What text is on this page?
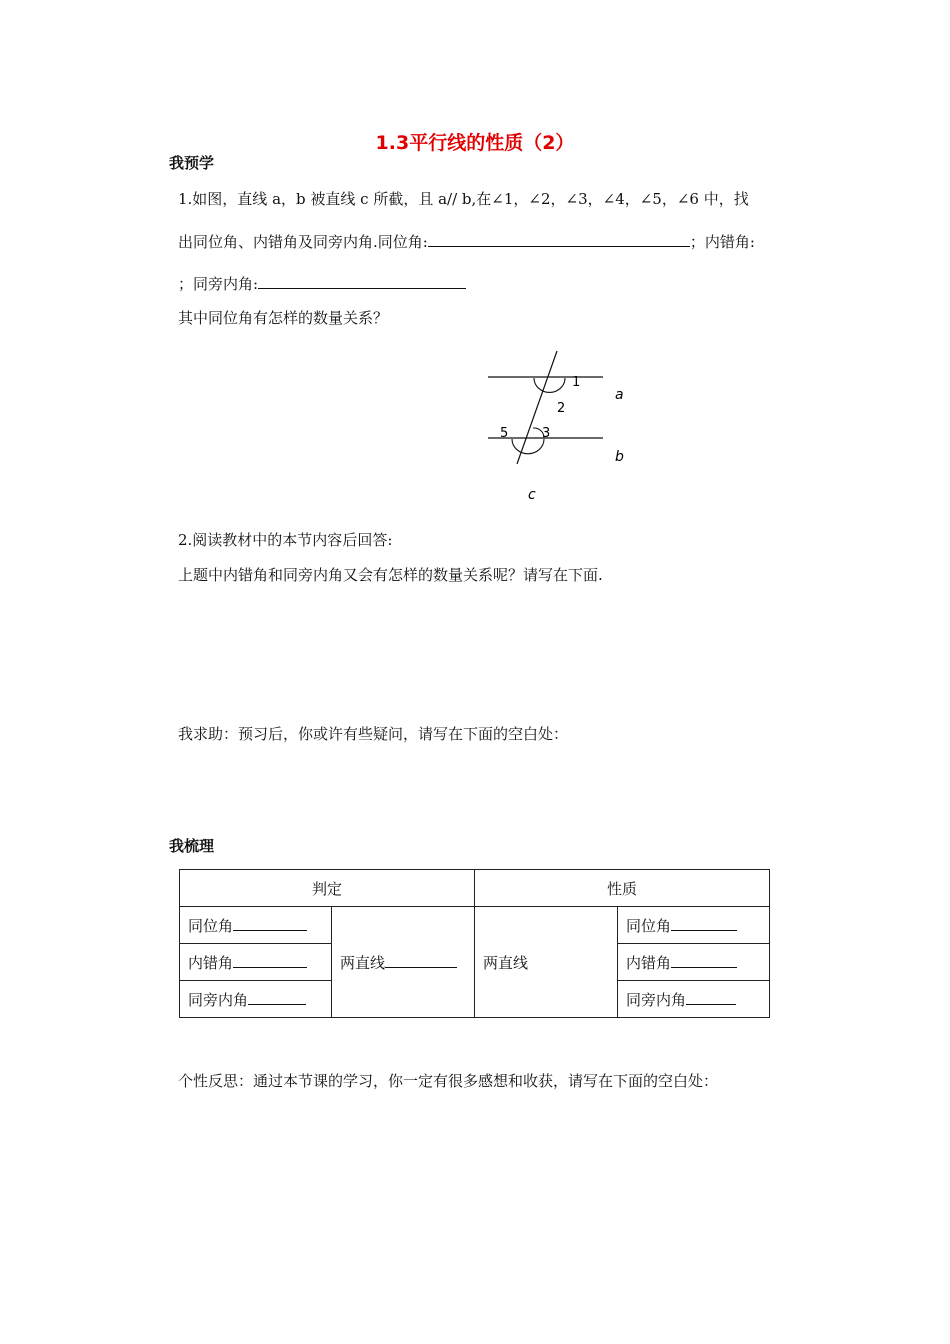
1.3平行线的性质（2）
我预学
1.如图，直线 a，b 被直线 c 所截，且 a// b,在∠1，∠2，∠3，∠4，∠5，∠6 中，找
出同位角、内错角及同旁内角.同位角:	；内错角:
；同旁内角:
其中同位角有怎样的数量关系？
1
2
3
5
a
b
c
2.阅读教材中的本节内容后回答:
上题中内错角和同旁内角又会有怎样的数量关系呢？请写在下面.
我求助：预习后，你或许有些疑问，请写在下面的空白处：
我梳理
判定		性质	
同位角	两直线	两直线	同位角
内错角			内错角
同旁内角			同旁内角
个性反思：通过本节课的学习，你一定有很多感想和收获，请写在下面的空白处：
